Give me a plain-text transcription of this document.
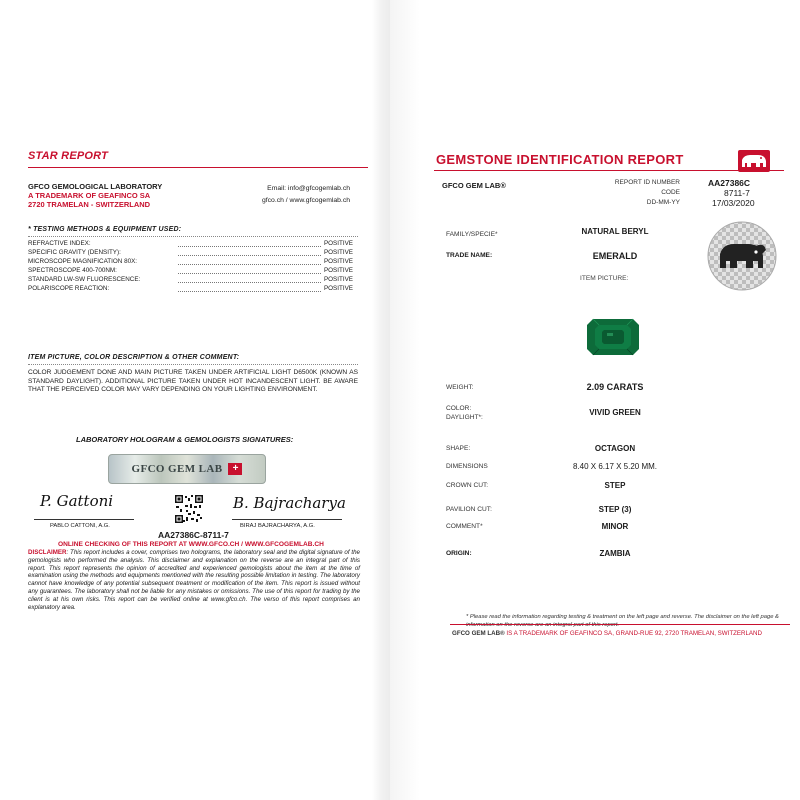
STAR REPORT
GFCO GEMOLOGICAL LABORATORY
A TRADEMARK OF GEAFINCO SA
2720 TRAMELAN - SWITZERLAND
Email: info@gfcogemlab.ch
gfco.ch / www.gfcogemlab.ch
* TESTING METHODS & EQUIPMENT USED:
REFRACTIVE INDEX:	POSITIVE
SPECIFIC GRAVITY (DENSITY):	POSITIVE
MICROSCOPE MAGNIFICATION 80X:	POSITIVE
SPECTROSCOPE 400-700NM:	POSITIVE
STANDARD LW-SW FLUORESCENCE:	POSITIVE
POLARISCOPE REACTION:	POSITIVE
ITEM PICTURE, COLOR DESCRIPTION & OTHER COMMENT:
COLOR JUDGEMENT DONE AND MAIN PICTURE TAKEN UNDER ARTIFICIAL LIGHT D6500K (KNOWN AS STANDARD DAYLIGHT). ADDITIONAL PICTURE TAKEN UNDER HOT INCANDESCENT LIGHT. BE AWARE THAT THE PERCEIVED COLOR MAY VARY DEPENDING ON YOUR LIGHTING ENVIRONMENT.
LABORATORY HOLOGRAM & GEMOLOGISTS SIGNATURES:
GFCO GEM LAB	+
P. Gattoni
PABLO CATTONI, A.G.
AA27386C-8711-7
B. Bajracharya
BIRAJ BAJRACHARYA, A.G.
ONLINE CHECKING OF THIS REPORT AT WWW.GFCO.CH / WWW.GFCOGEMLAB.CH
DISCLAIMER: This report includes a cover, comprises two holograms, the laboratory seal and the digital signature of the gemologists who performed the analysis. This disclaimer and explanation on the reverse are an integral part of this report. This report represents the opinion of accredited and experienced gemologists about the item at the time of examination using the methods and equipments mentioned with the resulting possible limitation in testing. The laboratory cannot have knowledge of any potential subsequent treatment or modification of the item. This report is issued without any guarantees. The laboratory shall not be liable for any mistakes or omissions. The use of this report for trading by the client is at his own risks. This report can be verified online at www.gfco.ch. The verso of this report comprises an explanatory area.
GEMSTONE IDENTIFICATION REPORT
GFCO GEM LAB®	REPORT ID NUMBER	AA27386C
CODE	8711-7
DD-MM-YY	17/03/2020
FAMILY/SPECIE*	NATURAL BERYL
TRADE NAME:	EMERALD
ITEM PICTURE:
WEIGHT:	2.09 CARATS
COLOR:
DAYLIGHT*:
VIVID GREEN
SHAPE:	OCTAGON
DIMENSIONS	8.40 X 6.17 X 5.20 MM.
CROWN CUT:	STEP
PAVILION CUT:	STEP (3)
COMMENT*	MINOR
ORIGIN:	ZAMBIA
* Please read the information regarding testing & treatment on the left page and reverse. The disclaimer on the left page &
GFCO GEM LAB® IS A TRADEMARK OF GEAFINCO SA, GRAND-RUE 92, 2720 TRAMELAN, SWITZERLAND
